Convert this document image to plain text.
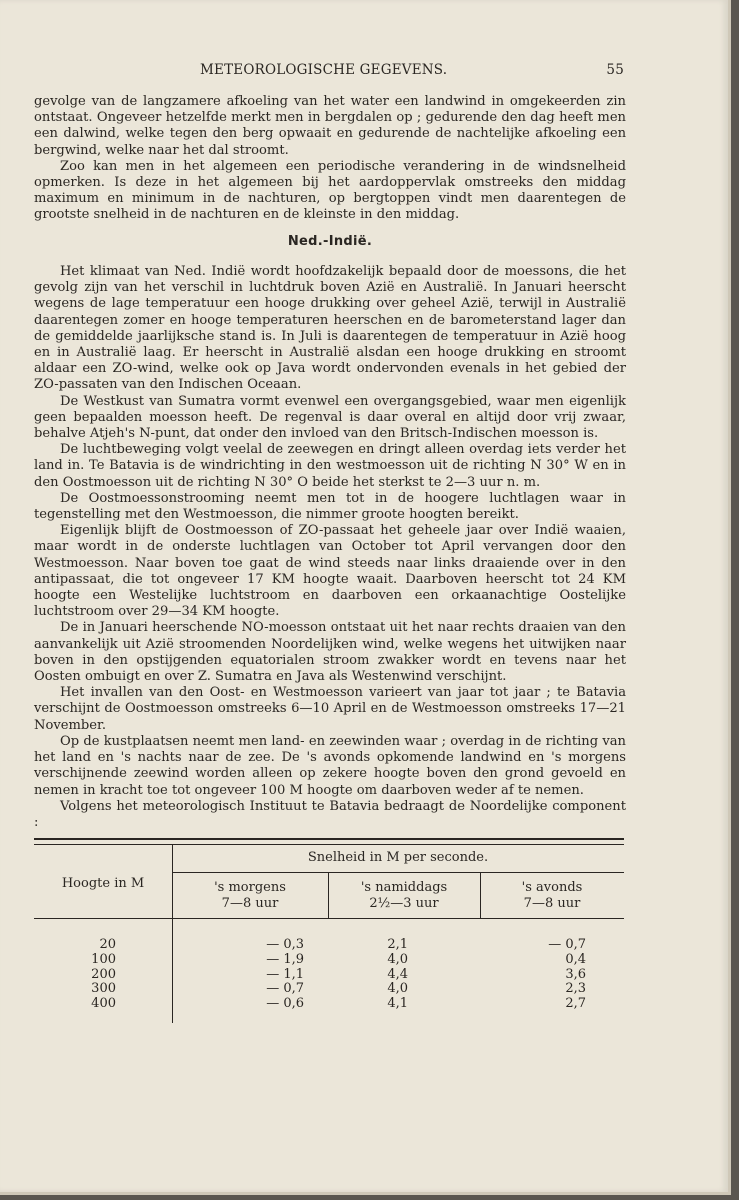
METEOROLOGISCHE GEGEVENS.	55

gevolge van de langzamere afkoeling van het water een landwind in omgekeerden zin ontstaat. Ongeveer hetzelfde merkt men in bergdalen op ; gedurende den dag heeft men een dalwind, welke tegen den berg opwaait en gedurende de nachtelijke afkoeling een bergwind, welke naar het dal stroomt.

Zoo kan men in het algemeen een periodische verandering in de windsnelheid opmerken. Is deze in het algemeen bij het aardoppervlak omstreeks den middag maximum en minimum in de nachturen, op bergtoppen vindt men daarentegen de grootste snelheid in de nachturen en de kleinste in den middag.

Ned.-Indië.

Het klimaat van Ned. Indië wordt hoofdzakelijk bepaald door de moessons, die het gevolg zijn van het verschil in luchtdruk boven Azië en Australië. In Januari heerscht wegens de lage temperatuur een hooge drukking over geheel Azië, terwijl in Australië daarentegen zomer en hooge temperaturen heerschen en de barometerstand lager dan de gemiddelde jaarlijksche stand is. In Juli is daarentegen de temperatuur in Azië hoog en in Australië laag. Er heerscht in Australië alsdan een hooge drukking en stroomt aldaar een ZO-wind, welke ook op Java wordt ondervonden evenals in het gebied der ZO-passaten van den Indischen Oceaan.

De Westkust van Sumatra vormt evenwel een overgangsgebied, waar men eigenlijk geen bepaalden moesson heeft. De regenval is daar overal en altijd door vrij zwaar, behalve Atjeh's N-punt, dat onder den invloed van den Britsch-Indischen moesson is.

De luchtbeweging volgt veelal de zeewegen en dringt alleen overdag iets verder het land in. Te Batavia is de windrichting in den westmoesson uit de richting N 30° W en in den Oostmoesson uit de richting N 30° O beide het sterkst te 2—3 uur n. m.

De Oostmoessonstrooming neemt men tot in de hoogere luchtlagen waar in tegenstelling met den Westmoesson, die nimmer groote hoogten bereikt.

Eigenlijk blijft de Oostmoesson of ZO-passaat het geheele jaar over Indië waaien, maar wordt in de onderste luchtlagen van October tot April vervangen door den Westmoesson. Naar boven toe gaat de wind steeds naar links draaiende over in den antipassaat, die tot ongeveer 17 KM hoogte waait. Daarboven heerscht tot 24 KM hoogte een Westelijke luchtstroom en daarboven een orkaanachtige Oostelijke luchtstroom over 29—34 KM hoogte.

De in Januari heerschende NO-moesson ontstaat uit het naar rechts draaien van den aanvankelijk uit Azië stroomenden Noordelijken wind, welke wegens het uitwijken naar boven in den opstijgenden equatorialen stroom zwakker wordt en tevens naar het Oosten ombuigt en over Z. Sumatra en Java als Westenwind verschijnt.

Het invallen van den Oost- en Westmoesson varieert van jaar tot jaar ; te Batavia verschijnt de Oostmoesson omstreeks 6—10 April en de Westmoesson omstreeks 17—21 November.

Op de kustplaatsen neemt men land- en zeewinden waar ; overdag in de richting van het land en 's nachts naar de zee. De 's avonds opkomende landwind en 's morgens verschijnende zeewind worden alleen op zekere hoogte boven den grond gevoeld en nemen in kracht toe tot ongeveer 100 M hoogte om daarboven weder af te nemen.

Volgens het meteorologisch Instituut te Batavia bedraagt de Noordelijke component :

Hoogte in M
Snelheid in M per seconde.
's morgens
7—8 uur
's namiddags
2½—3 uur
's avonds
7—8 uur
20
100
200
300
400
— 0,3
— 1,9
— 1,1
— 0,7
— 0,6
2,1
4,0
4,4
4,0
4,1
— 0,7
0,4
3,6
2,3
2,7
